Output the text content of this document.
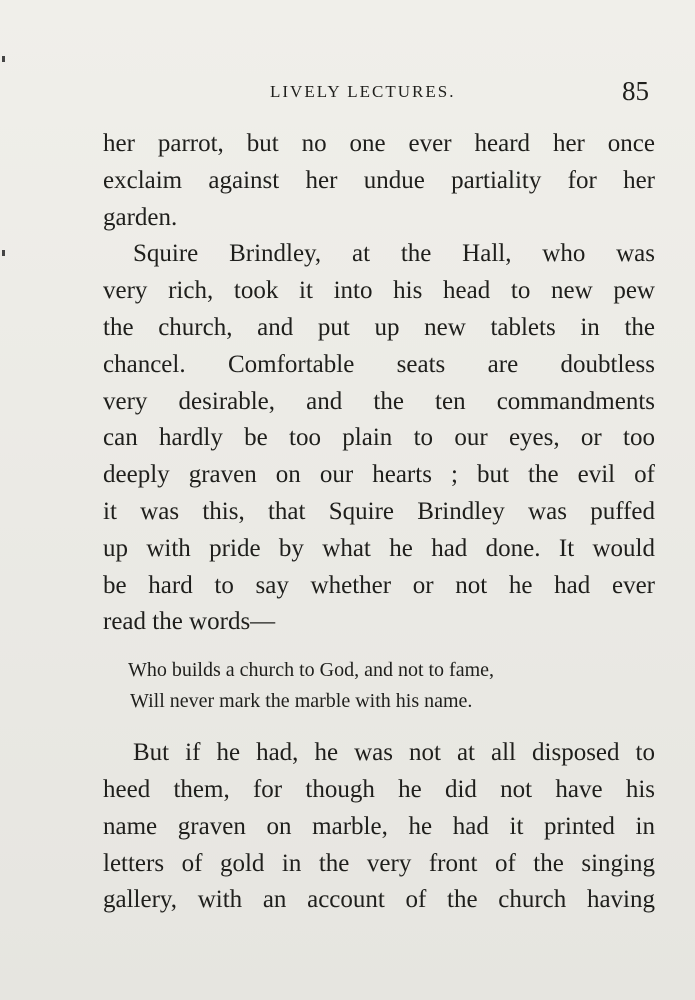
LIVELY LECTURES.	85

her parrot, but no one ever heard her once
exclaim against her undue partiality for her
garden.

Squire Brindley, at the Hall, who was
very rich, took it into his head to new pew
the church, and put up new tablets in the
chancel. Comfortable seats are doubtless
very desirable, and the ten commandments
can hardly be too plain to our eyes, or too
deeply graven on our hearts ; but the evil of
it was this, that Squire Brindley was puffed
up with pride by what he had done. It would
be hard to say whether or not he had ever
read the words—

Who builds a church to God, and not to fame,
Will never mark the marble with his name.

But if he had, he was not at all disposed to
heed them, for though he did not have his
name graven on marble, he had it printed in
letters of gold in the very front of the singing
gallery, with an account of the church having
